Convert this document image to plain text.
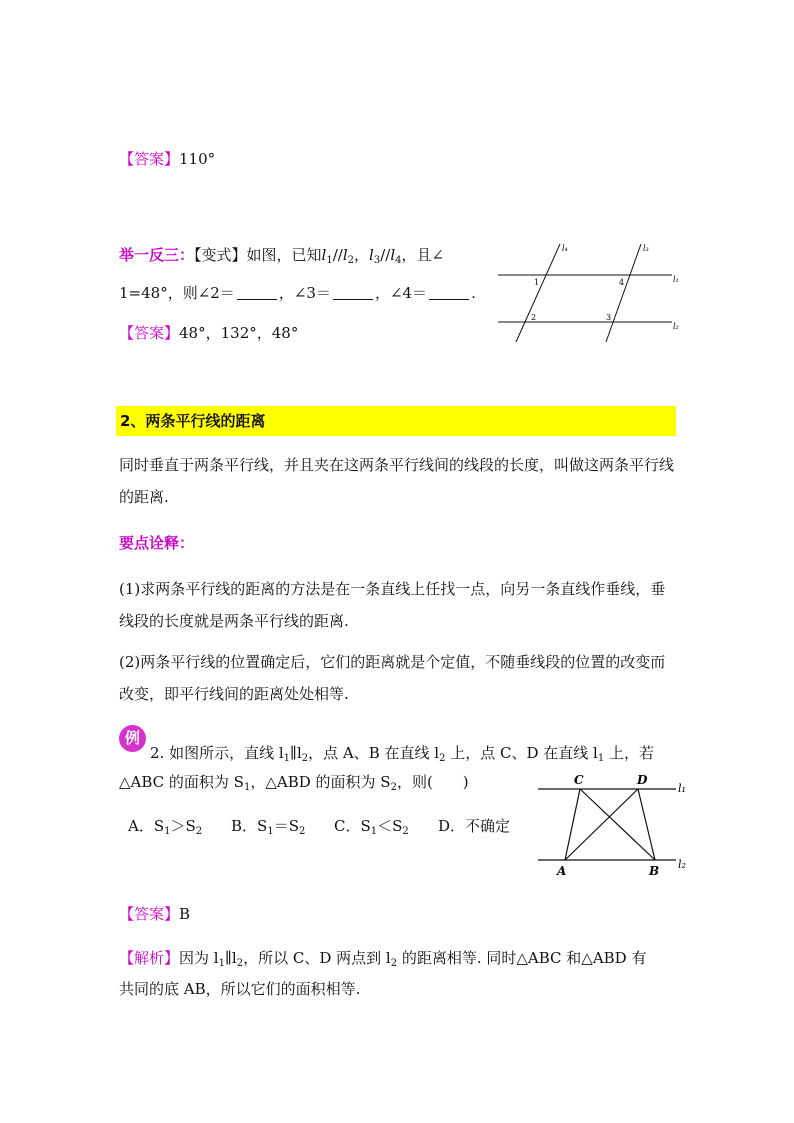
【答案】110°
举一反三：【变式】如图，已知$l_1//l_2$，$l_3//l_4$，且∠
1=48°，则∠2＝	，∠3＝	，∠4＝	.
【答案】48°，132°，48°
l₄	l₃
l₁
l₂
1
2	3
4
2、两条平行线的距离
同时垂直于两条平行线，并且夹在这两条平行线间的线段的长度，叫做这两条平行线的距离.
要点诠释：
(1)求两条平行线的距离的方法是在一条直线上任找一点，向另一条直线作垂线，垂线段的长度就是两条平行线的距离.
(2)两条平行线的位置确定后，它们的距离就是个定值，不随垂线段的位置的改变而改变，即平行线间的距离处处相等.
例
2. 如图所示，直线 $l_1\parallel l_2$，点 A、B 在直线 $l_2$ 上，点 C、D 在直线 $l_1$ 上，若
△ABC 的面积为 $S_1$，△ABD 的面积为 $S_2$，则(　　)
A．$S_1>S_2$ B．$S_1=S_2$ C．$S_1<S_2$ D．不确定
C	D
A	B
l₁
l₂
【答案】B
【解析】因为 $l_1\parallel l_2$，所以 C、D 两点到 $l_2$ 的距离相等. 同时△ABC 和△ABD 有
共同的底 AB，所以它们的面积相等.
